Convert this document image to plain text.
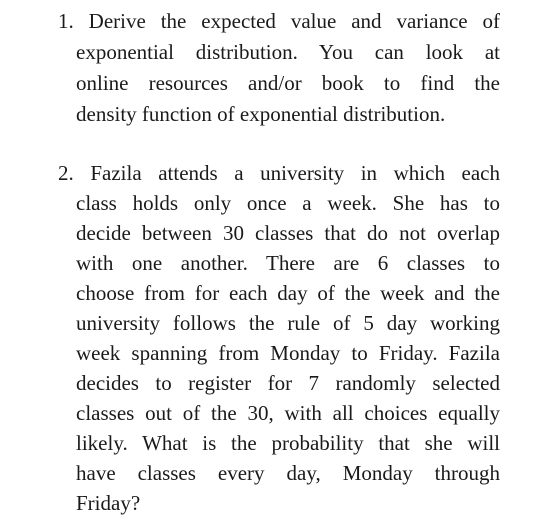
1. Derive the expected value and variance of
exponential distribution. You can look at
online resources and/or book to find the
density function of exponential distribution.
2. Fazila attends a university in which each
class holds only once a week. She has to
decide between 30 classes that do not overlap
with one another. There are 6 classes to
choose from for each day of the week and the
university follows the rule of 5 day working
week spanning from Monday to Friday. Fazila
decides to register for 7 randomly selected
classes out of the 30, with all choices equally
likely. What is the probability that she will
have classes every day, Monday through
Friday?
